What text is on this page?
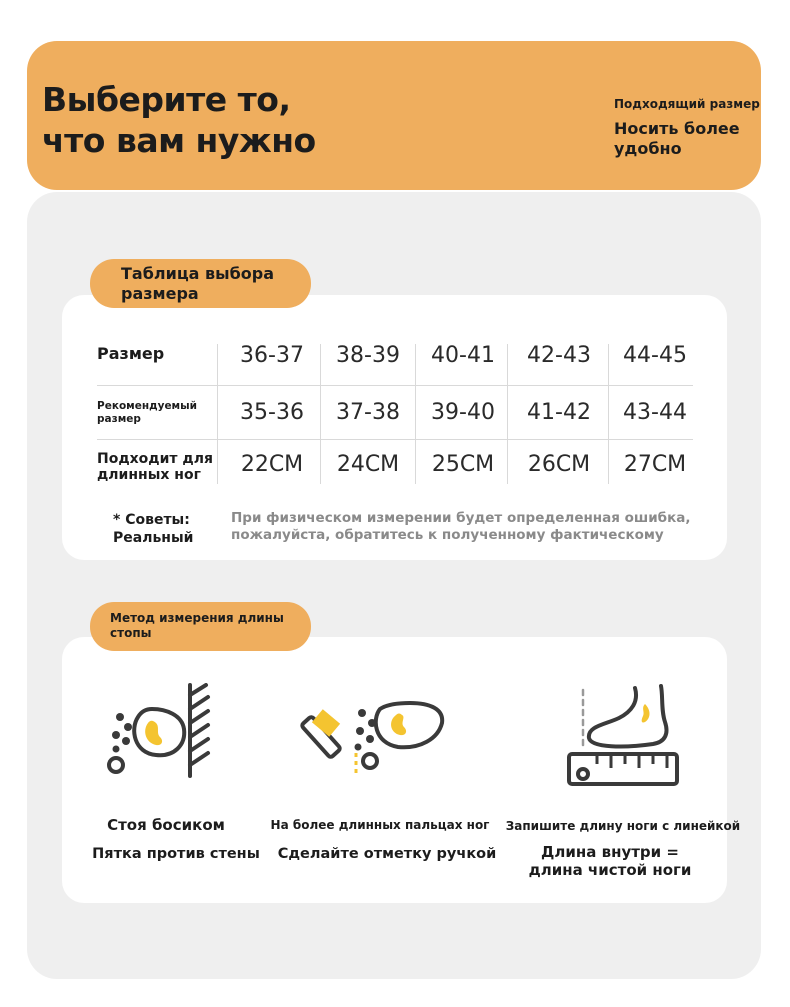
Выберите то,
что вам нужно
Подходящий размер
Носить более
удобно
Таблица выбора
размера
Размер	36-37	38-39	40-41	42-43	44-45
Рекомендуемый
размер	35-36	37-38	39-40	41-42	43-44
Подходит для
длинных ног	22CM	24CM	25CM	26CM	27CM
* Советы:
Реальный
При физическом измерении будет определенная ошибка,
пожалуйста, обратитесь к полученному фактическому
Метод измерения длины
стопы
Стоя босиком
Пятка против стены
На более длинных пальцах ног
Сделайте отметку ручкой
Запишите длину ноги с линейкой
Длина внутри =
длина чистой ноги
